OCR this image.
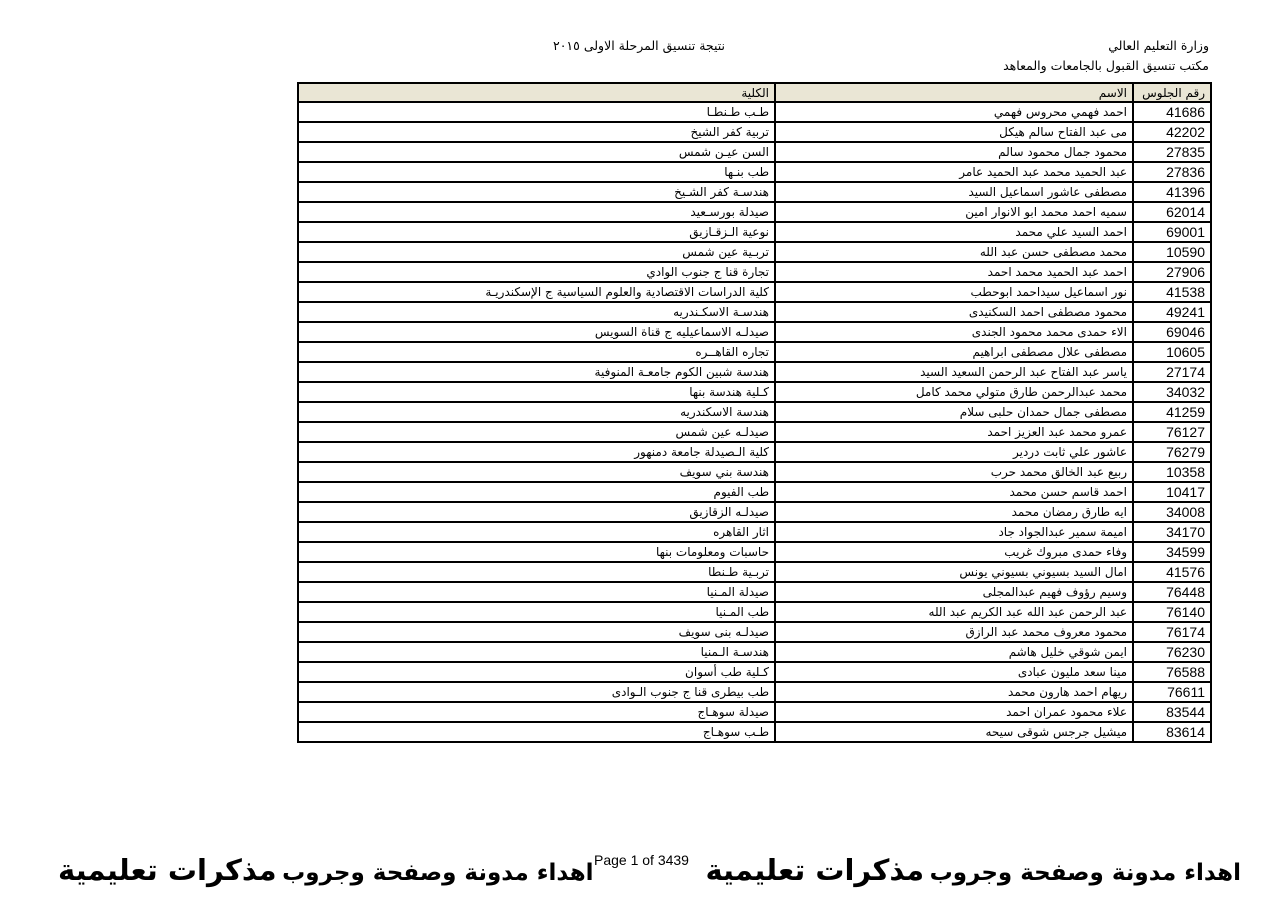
وزارة التعليم العالي
مكتب تنسيق القبول بالجامعات والمعاهد
نتيجة تنسيق المرحلة الاولى ٢٠١٥
رقم الجلوس	الاسم	الكلية
41686	احمد فهمي محروس فهمي	طـب طـنطـا
42202	مى عبد الفتاح سالم هيكل	تربية كفر الشيخ
27835	محمود جمال محمود سالم	السن عيـن شمس
27836	عبد الحميد محمد عبد الحميد عامر	طب بنـها
41396	مصطفى عاشور اسماعيل السيد	هندسـة كفر الشـيخ
62014	سميه احمد محمد ابو الانوار امين	صيدلة بورسـعيد
69001	احمد السيد علي محمد	نوعية الـزقـازيق
10590	محمد مصطفى حسن عبد الله	تربـية عين شمس
27906	احمد عبد الحميد محمد احمد	تجارة قنا ج جنوب الوادي
41538	نور اسماعيل سيداحمد ابوحطب	كلية الدراسات الاقتصادية والعلوم السياسية ج الإسكندريـة
49241	محمود مصطفى احمد السكنيدى	هندسـة الاسكـندريه
69046	الاء حمدى محمد محمود الجندى	صيدلـه الاسماعيليه ج قناة السويس
10605	مصطفى علال مصطفى ابراهيم	تجاره القاهــره
27174	ياسر عبد الفتاح عبد الرحمن السعيد السيد	هندسة شبين الكوم جامعـة المنوفية
34032	محمد عبدالرحمن طارق متولي محمد كامل	كـلية هندسة بنها
41259	مصطفى جمال حمدان حلبى سلام	هندسة الاسكندريه
76127	عمرو محمد عبد العزيز احمد	صيدلـه عين شمس
76279	عاشور علي ثابت دردير	كلية الـصيدلة جامعة دمنهور
10358	ربيع عبد الخالق محمد حرب	هندسة بني سويف
10417	احمد قاسم حسن محمد	طب الفيوم
34008	ايه طارق رمضان محمد	صيدلـه الزقازيق
34170	اميمة سمير عبدالجواد جاد	اثار القاهره
34599	وفاء حمدى مبروك غريب	حاسبات ومعلومات بنها
41576	امال السيد بسيوني بسيوني يونس	تربـية طـنطا
76448	وسيم رؤوف فهيم عبدالمجلى	صيدلة المـنيا
76140	عبد الرحمن عبد الله عبد الكريم عبد الله	طب المـنيا
76174	محمود معروف محمد عبد الرازق	صيدلـه بنى سويف
76230	ايمن شوقي خليل هاشم	هندسـة الـمنيا
76588	مينا سعد مليون عبادى	كـلية طب أسوان
76611	ريهام احمد هارون محمد	طب بيطرى قنا ج جنوب الـوادى
83544	علاء محمود عمران احمد	صيدلة سوهـاج
83614	ميشيل جرجس شوقى سيحه	طـب سوهـاج
اهداء مدونة وصفحة وجروب مذكرات تعليمية
Page 1 of 3439
اهداء مدونة وصفحة وجروب مذكرات تعليمية
